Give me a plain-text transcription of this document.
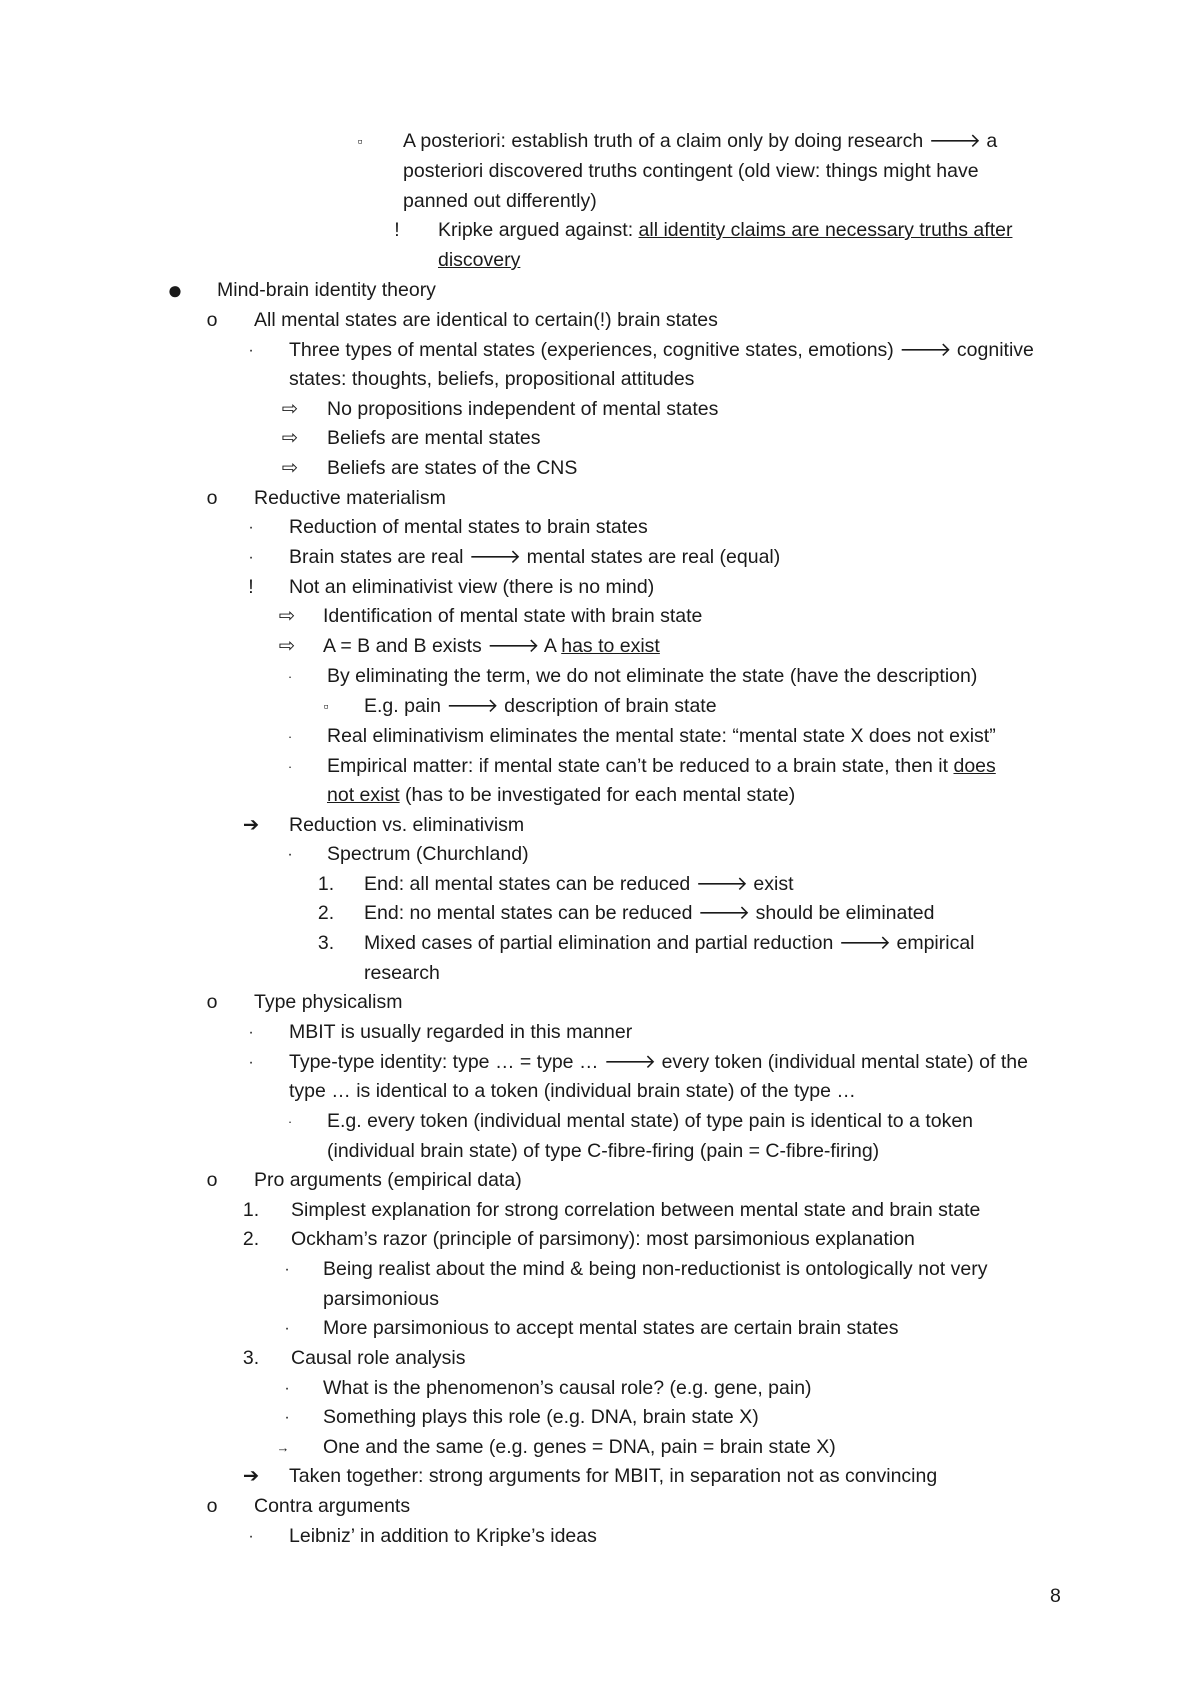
▫	A posteriori: establish truth of a claim only by doing research 🡒 a
posteriori discovered truths contingent (old view: things might have
panned out differently)
!	Kripke argued against: all identity claims are necessary truths after
discovery
● Mind-brain identity theory
o	All mental states are identical to certain(!) brain states
·	Three types of mental states (experiences, cognitive states, emotions) 🡒 cognitive
states: thoughts, beliefs, propositional attitudes
⇨ No propositions independent of mental states
⇨ Beliefs are mental states
⇨ Beliefs are states of the CNS
o	Reductive materialism
·	Reduction of mental states to brain states
·	Brain states are real 🡒 mental states are real (equal)
!	Not an eliminativist view (there is no mind)
⇨ Identification of mental state with brain state
⇨ A = B and B exists 🡒 A has to exist
·	By eliminating the term, we do not eliminate the state (have the description)
▫	E.g. pain 🡒 description of brain state
·	Real eliminativism eliminates the mental state: “mental state X does not exist”
·	Empirical matter: if mental state can’t be reduced to a brain state, then it does
not exist (has to be investigated for each mental state)
➔ Reduction vs. eliminativism
·	Spectrum (Churchland)
1. End: all mental states can be reduced 🡒 exist
2. End: no mental states can be reduced 🡒 should be eliminated
3. Mixed cases of partial elimination and partial reduction 🡒 empirical
research
o	Type physicalism
·	MBIT is usually regarded in this manner
·	Type-type identity: type … = type … 🡒 every token (individual mental state) of the
type … is identical to a token (individual brain state) of the type …
·	E.g. every token (individual mental state) of type pain is identical to a token
(individual brain state) of type C-fibre-firing (pain = C-fibre-firing)
o	Pro arguments (empirical data)
1. Simplest explanation for strong correlation between mental state and brain state
2. Ockham’s razor (principle of parsimony): most parsimonious explanation
·	Being realist about the mind & being non-reductionist is ontologically not very
parsimonious
·	More parsimonious to accept mental states are certain brain states
3. Causal role analysis
·	What is the phenomenon’s causal role? (e.g. gene, pain)
·	Something plays this role (e.g. DNA, brain state X)
→ One and the same (e.g. genes = DNA, pain = brain state X)
➔ Taken together: strong arguments for MBIT, in separation not as convincing
o	Contra arguments
·	Leibniz’ in addition to Kripke’s ideas
8
